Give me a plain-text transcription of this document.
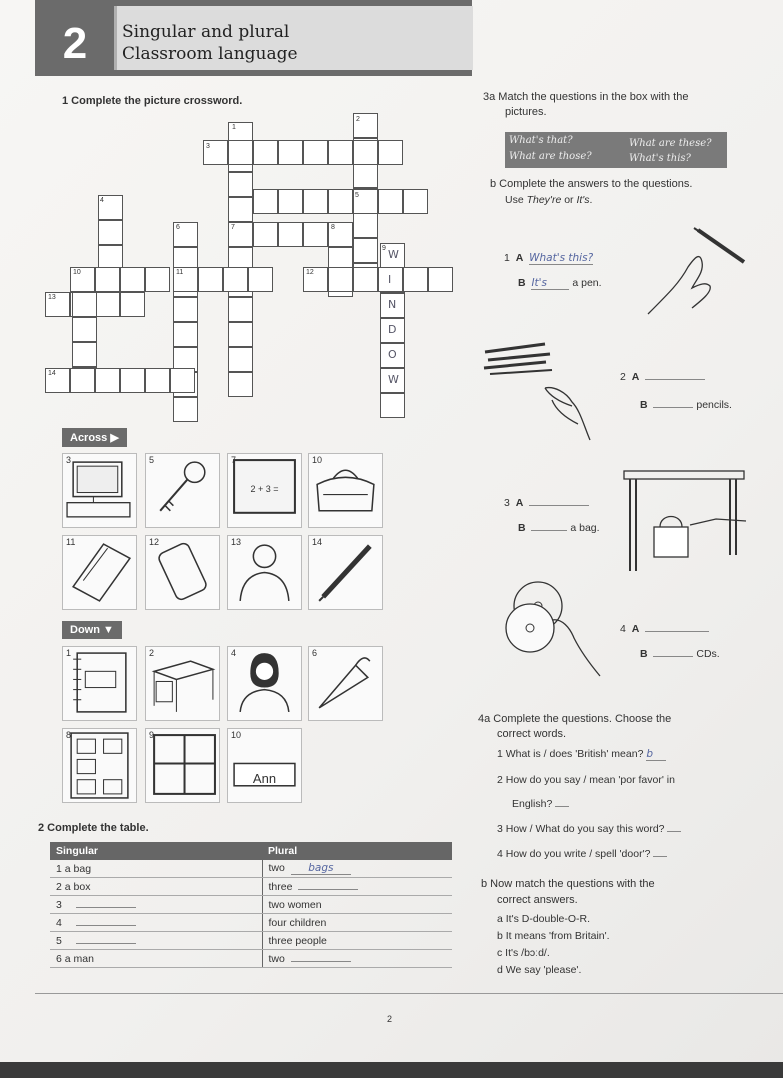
2	Singular and plural
Classroom language
1 Complete the picture crossword.
1
2
3
4
5
6	7	8
9
10	11	12
13
14
W
I
N
D
O
W
Across ▶
3	5	7
2 + 3 =
10
11	12	13	14
Down ▼
1	2	4	6
8	9	10
Ann
2 Complete the table.
Singular	Plural
1 a bag	two bags
2 a box	three
3	two women
4	four children
5	three people
6 a man	two
3a Match the questions in the box with the
pictures.
What's that?	What are these?
What are those?	What's this?
b Complete the answers to the questions.
Use They're or It's.
1 A What's this?
B It's a pen.
2 A
B	pencils.
3 A
B	a bag.
4 A
B	CDs.
4a Complete the questions. Choose the
correct words.
1 What is / does 'British' mean? b
2 How do you say / mean 'por favor' in
English?
3 How / What do you say this word?
4 How do you write / spell 'door'?
b Now match the questions with the
correct answers.
a It's D-double-O-R.
b It means 'from Britain'.
c It's /bɔːd/.
d We say 'please'.
2
